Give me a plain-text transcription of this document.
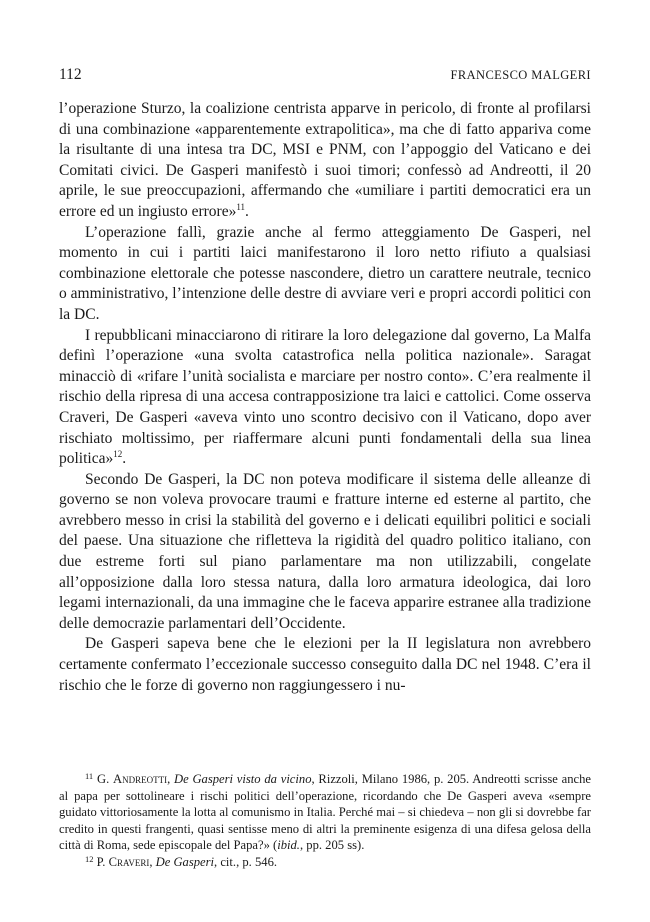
112	FRANCESCO MALGERI

l’operazione Sturzo, la coalizione centrista apparve in pericolo, di fronte al profilarsi di una combinazione «apparentemente extrapolitica», ma che di fatto appariva come la risultante di una intesa tra DC, MSI e PNM, con l’appoggio del Vaticano e dei Comitati civici. De Gasperi manifestò i suoi timori; confessò ad Andreotti, il 20 aprile, le sue preoccupazioni, affermando che «umiliare i partiti democratici era un errore ed un ingiusto errore»$^{11}$.

L’operazione fallì, grazie anche al fermo atteggiamento De Gasperi, nel momento in cui i partiti laici manifestarono il loro netto rifiuto a qualsiasi combinazione elettorale che potesse nascondere, dietro un carattere neutrale, tecnico o amministrativo, l’intenzione delle destre di avviare veri e propri accordi politici con la DC.

I repubblicani minacciarono di ritirare la loro delegazione dal governo, La Malfa definì l’operazione «una svolta catastrofica nella politica nazionale». Saragat minacciò di «rifare l’unità socialista e marciare per nostro conto». C’era realmente il rischio della ripresa di una accesa contrapposizione tra laici e cattolici. Come osserva Craveri, De Gasperi «aveva vinto uno scontro decisivo con il Vaticano, dopo aver rischiato moltissimo, per riaffermare alcuni punti fondamentali della sua linea politica»$^{12}$.

Secondo De Gasperi, la DC non poteva modificare il sistema delle alleanze di governo se non voleva provocare traumi e fratture interne ed esterne al partito, che avrebbero messo in crisi la stabilità del governo e i delicati equilibri politici e sociali del paese. Una situazione che rifletteva la rigidità del quadro politico italiano, con due estreme forti sul piano parlamentare ma non utilizzabili, congelate all’opposizione dalla loro stessa natura, dalla loro armatura ideologica, dai loro legami internazionali, da una immagine che le faceva apparire estranee alla tradizione delle democrazie parlamentari dell’Occidente.

De Gasperi sapeva bene che le elezioni per la II legislatura non avrebbero certamente confermato l’eccezionale successo conseguito dalla DC nel 1948. C’era il rischio che le forze di governo non raggiungessero i nu-

$^{11}$ G. Andreotti, De Gasperi visto da vicino, Rizzoli, Milano 1986, p. 205. Andreotti scrisse anche al papa per sottolineare i rischi politici dell’operazione, ricordando che De Gasperi aveva «sempre guidato vittoriosamente la lotta al comunismo in Italia. Perché mai – si chiedeva – non gli si dovrebbe far credito in questi frangenti, quasi sentisse meno di altri la preminente esigenza di una difesa gelosa della città di Roma, sede episcopale del Papa?» (ibid., pp. 205 ss).

$^{12}$ P. Craveri, De Gasperi, cit., p. 546.
